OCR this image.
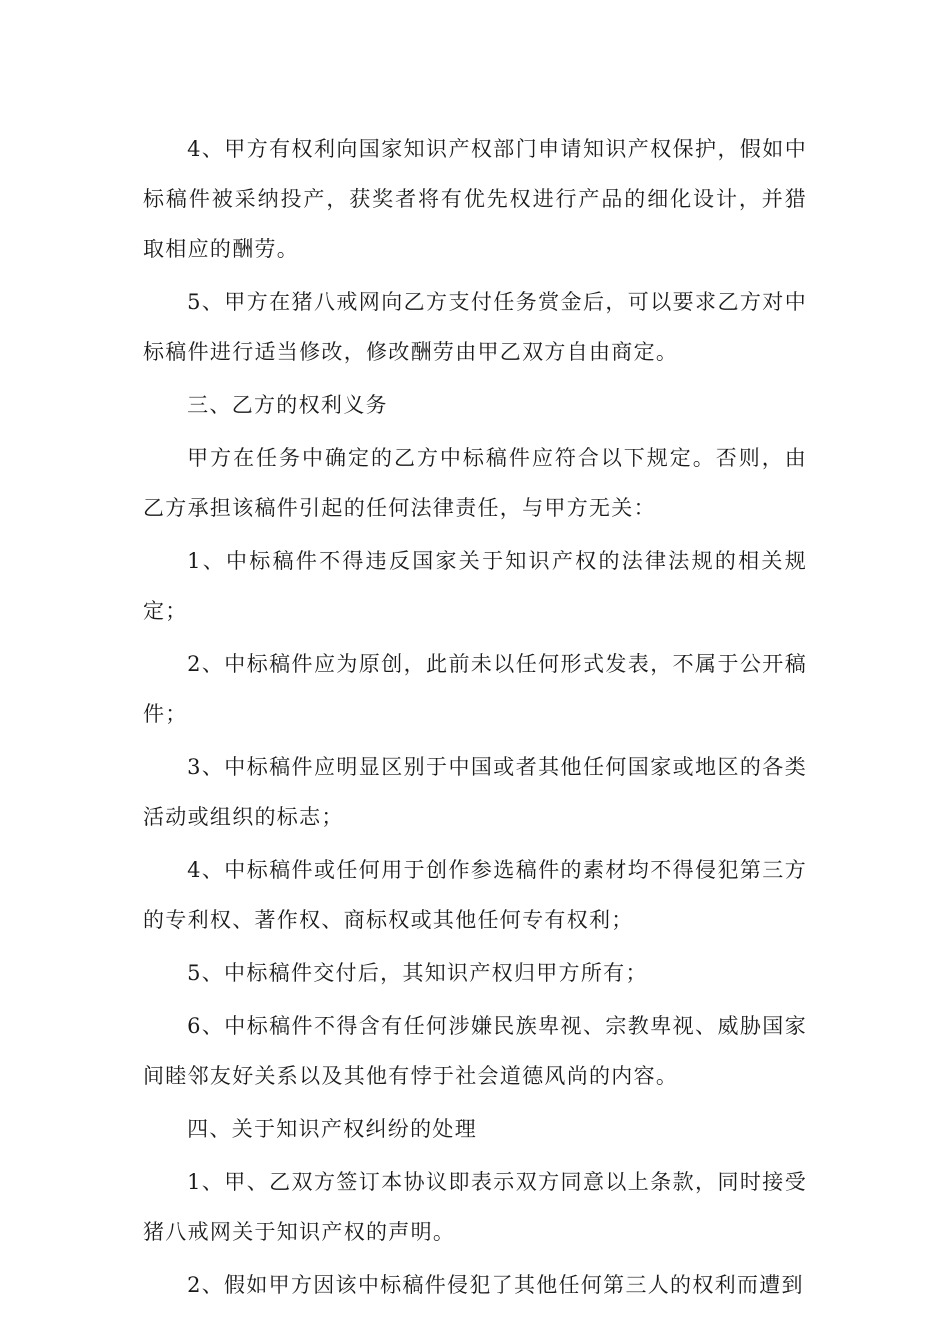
4、甲方有权利向国家知识产权部门申请知识产权保护，假如中标稿件被采纳投产，获奖者将有优先权进行产品的细化设计，并猎取相应的酬劳。

5、甲方在猪八戒网向乙方支付任务赏金后，可以要求乙方对中标稿件进行适当修改，修改酬劳由甲乙双方自由商定。

三、乙方的权利义务

甲方在任务中确定的乙方中标稿件应符合以下规定。否则，由乙方承担该稿件引起的任何法律责任，与甲方无关：

1、中标稿件不得违反国家关于知识产权的法律法规的相关规定；

2、中标稿件应为原创，此前未以任何形式发表，不属于公开稿件；

3、中标稿件应明显区别于中国或者其他任何国家或地区的各类活动或组织的标志；

4、中标稿件或任何用于创作参选稿件的素材均不得侵犯第三方的专利权、著作权、商标权或其他任何专有权利；

5、中标稿件交付后，其知识产权归甲方所有；

6、中标稿件不得含有任何涉嫌民族卑视、宗教卑视、威胁国家间睦邻友好关系以及其他有悖于社会道德风尚的内容。

四、关于知识产权纠纷的处理

1、甲、乙双方签订本协议即表示双方同意以上条款，同时接受猪八戒网关于知识产权的声明。

2、假如甲方因该中标稿件侵犯了其他任何第三人的权利而遭到
